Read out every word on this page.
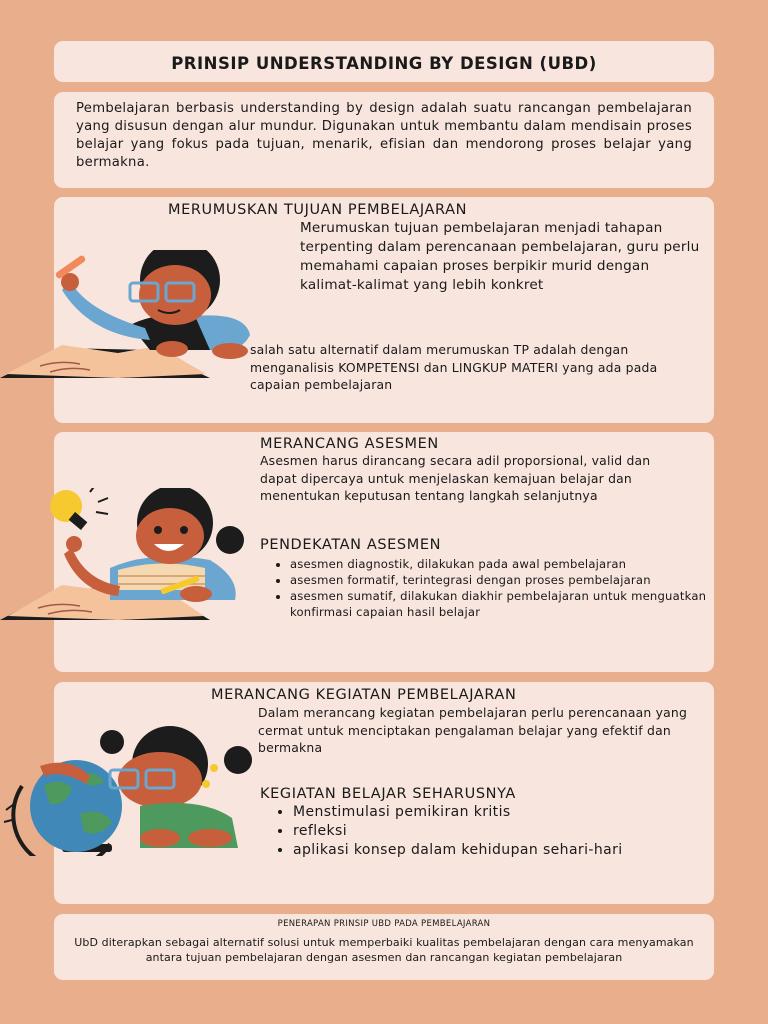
PRINSIP UNDERSTANDING BY DESIGN (UBD)

Pembelajaran berbasis understanding by design adalah suatu rancangan pembelajaran yang disusun dengan alur mundur. Digunakan untuk membantu dalam mendisain proses belajar yang fokus pada tujuan, menarik, efisian dan mendorong proses belajar yang bermakna.

MERUMUSKAN TUJUAN PEMBELAJARAN

Merumuskan tujuan pembelajaran menjadi tahapan terpenting dalam perencanaan pembelajaran, guru perlu memahami capaian proses berpikir murid dengan kalimat-kalimat yang lebih konkret

salah satu alternatif dalam merumuskan TP adalah dengan menganalisis KOMPETENSI dan LINGKUP MATERI yang ada pada capaian pembelajaran

MERANCANG ASESMEN

Asesmen harus dirancang secara adil proporsional, valid dan dapat dipercaya untuk menjelaskan kemajuan belajar dan menentukan keputusan tentang langkah selanjutnya

PENDEKATAN ASESMEN
• asesmen diagnostik, dilakukan pada awal pembelajaran
• asesmen formatif, terintegrasi dengan proses pembelajaran
• asesmen sumatif, dilakukan diakhir pembelajaran untuk menguatkan konfirmasi capaian hasil belajar
MERANCANG KEGIATAN PEMBELAJARAN

Dalam merancang kegiatan pembelajaran perlu perencanaan yang cermat untuk menciptakan pengalaman belajar yang efektif dan bermakna

KEGIATAN BELAJAR SEHARUSNYA
• Menstimulasi pemikiran kritis
• refleksi
• aplikasi konsep dalam kehidupan sehari-hari
PENERAPAN PRINSIP UBD PADA PEMBELAJARAN

UbD diterapkan sebagai alternatif solusi untuk memperbaiki kualitas pembelajaran dengan cara menyamakan antara tujuan pembelajaran dengan asesmen dan rancangan kegiatan pembelajaran
